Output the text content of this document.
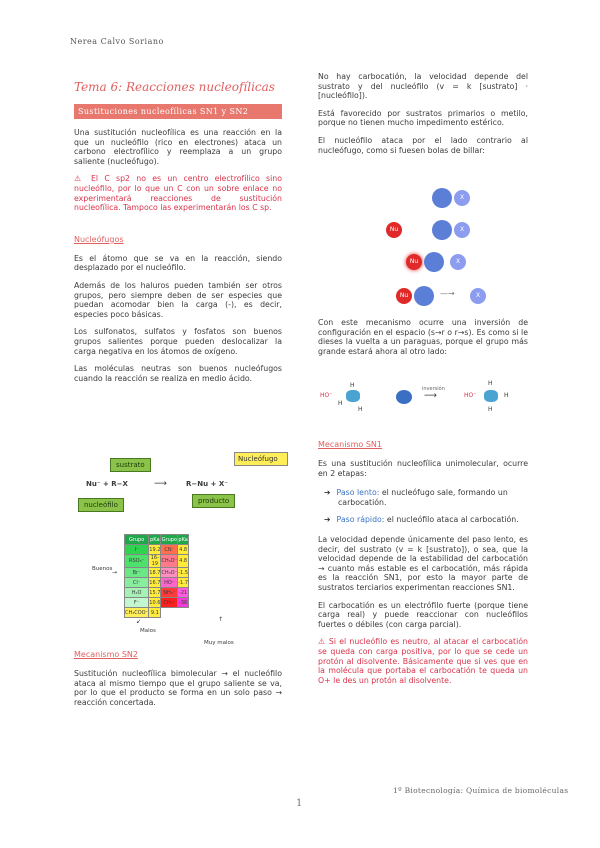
Nerea Calvo Soriano
1º Biotecnología: Química de biomoléculas
1
Tema 6: Reacciones nucleofílicas
Sustituciones nucleofílicas SN1 y SN2

Una sustitución nucleofílica es una reacción en la que un nucleófilo (rico en electrones) ataca un carbono electrofílico y reemplaza a un grupo saliente (nucleófugo).

⚠ El C sp2 no es un centro electrofílico sino nucleófilo, por lo que un C con un sobre enlace no experimentará reacciones de sustitución nucleofílica. Tampoco las experimentarán los C sp.

Nucleófugos

Es el átomo que se va en la reacción, siendo desplazado por el nucleófilo.

Además de los haluros pueden también ser otros grupos, pero siempre deben de ser especies que puedan acomodar bien la carga (-), es decir, especies poco básicas.

Los sulfonatos, sulfatos y fosfatos son buenos grupos salientes porque pueden deslocalizar la carga negativa en los átomos de oxígeno.

Las moléculas neutras son buenos nucleófugos cuando la reacción se realiza en medio ácido.

sustrato
Nucleófugo
Nu⁻ + R−X	⟶	R−Nu + X⁻
nucleófilo	producto
Buenos →
Grupo	pKa	Grupo	pKa
I⁻	19.2	CN⁻	4.8
RSO₃⁻	16-19	CH₃O⁻	4.8
Br⁻	18.7	CH₃O⁻	-1.5
Cl⁻	16.7	HO⁻	-1.7
H₂O	15.7	NH₂⁻	-21
F⁻	10.6	CH₃⁻	-36
CH₃COO⁻	9.1		
↙
Malos
↑
Muy malos
Mecanismo SN2

Sustitución nucleofílica bimolecular → el nucleófilo ataca al mismo tiempo que el grupo saliente se va, por lo que el producto se forma en un solo paso → reacción concertada.

No hay carbocatión, la velocidad depende del sustrato y del nucleófilo (v = k [sustrato] · [nucleófilo]).

Está favorecido por sustratos primarios o metilo, porque no tienen mucho impedimento estérico.

El nucleófilo ataca por el lado contrario al nucleófugo, como si fuesen bolas de billar:

X
Nu	X
Nu	X
Nu	—→	X

Con este mecanismo ocurre una inversión de configuración en el espacio (s→r o r→s). Es como si le dieses la vuelta a un paraguas, porque el grupo más grande estará ahora al otro lado:

HO⁻
H
H
H
inversión
⟶	HO⁻
H
H
H
Mecanismo SN1

Es una sustitución nucleofílica unimolecular, ocurre en 2 etapas:

➔ Paso lento: el nucleófugo sale, formando un carbocatión.
➔ Paso rápido: el nucleófilo ataca al carbocatión.

La velocidad depende únicamente del paso lento, es decir, del sustrato (v = k [sustrato]), o sea, que la velocidad depende de la estabilidad del carbocatión → cuanto más estable es el carbocatión, más rápida es la reacción SN1, por esto la mayor parte de sustratos terciarios experimentan reacciones SN1.

El carbocatión es un electrófilo fuerte (porque tiene carga real) y puede reaccionar con nucleófilos fuertes o débiles (con carga parcial).

⚠ Si el nucleófilo es neutro, al atacar el carbocatión se queda con carga positiva, por lo que se cede un protón al disolvente. Básicamente que si ves que en la molécula que portaba el carbocatión te queda un O+ le des un protón al disolvente.
